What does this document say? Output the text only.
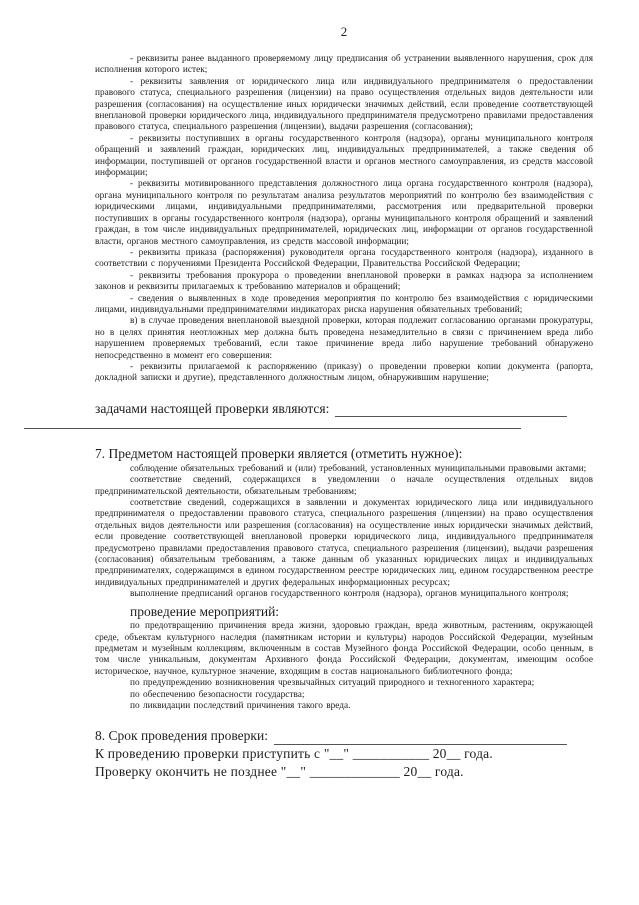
2

- реквизиты ранее выданного проверяемому лицу предписания об устранении выявленного нарушения, срок для исполнения которого истек;

- реквизиты заявления от юридического лица или индивидуального предпринимателя о предоставлении правового статуса, специального разрешения (лицензии) на право осуществления отдельных видов деятельности или разрешения (согласования) на осуществление иных юридически значимых действий, если проведение соответствующей внеплановой проверки юридического лица, индивидуального предпринимателя предусмотрено правилами предоставления правового статуса, специального разрешения (лицензии), выдачи разрешения (согласования);

- реквизиты поступивших в органы государственного контроля (надзора), органы муниципального контроля обращений и заявлений граждан, юридических лиц, индивидуальных предпринимателей, а также сведения об информации, поступившей от органов государственной власти и органов местного самоуправления, из средств массовой информации;

- реквизиты мотивированного представления должностного лица органа государственного контроля (надзора), органа муниципального контроля по результатам анализа результатов мероприятий по контролю без взаимодействия с юридическими лицами, индивидуальными предпринимателями, рассмотрения или предварительной проверки поступивших в органы государственного контроля (надзора), органы муниципального контроля обращений и заявлений граждан, в том числе индивидуальных предпринимателей, юридических лиц, информации от органов государственной власти, органов местного самоуправления, из средств массовой информации;

- реквизиты приказа (распоряжения) руководителя органа государственного контроля (надзора), изданного в соответствии с поручениями Президента Российской Федерации, Правительства Российской Федерации;

- реквизиты требования прокурора о проведении внеплановой проверки в рамках надзора за исполнением законов и реквизиты прилагаемых к требованию материалов и обращений;

- сведения о выявленных в ходе проведения мероприятия по контролю без взаимодействия с юридическими лицами, индивидуальными предпринимателями индикаторах риска нарушения обязательных требований;

в) в случае проведения внеплановой выездной проверки, которая подлежит согласованию органами прокуратуры, но в целях принятия неотложных мер должна быть проведена незамедлительно в связи с причинением вреда либо нарушением проверяемых требований, если такое причинение вреда либо нарушение требований обнаружено непосредственно в момент его совершения:

- реквизиты прилагаемой к распоряжению (приказу) о проведении проверки копии документа (рапорта, докладной записки и другие), представленного должностным лицом, обнаружившим нарушение;

задачами настоящей проверки являются:
7. Предметом настоящей проверки является (отметить нужное):

соблюдение обязательных требований и (или) требований, установленных муниципальными правовыми актами;

соответствие сведений, содержащихся в уведомлении о начале осуществления отдельных видов предпринимательской деятельности, обязательным требованиям;

соответствие сведений, содержащихся в заявлении и документах юридического лица или индивидуального предпринимателя о предоставлении правового статуса, специального разрешения (лицензии) на право осуществления отдельных видов деятельности или разрешения (согласования) на осуществление иных юридически значимых действий, если проведение соответствующей внеплановой проверки юридического лица, индивидуального предпринимателя предусмотрено правилами предоставления правового статуса, специального разрешения (лицензии), выдачи разрешения (согласования) обязательным требованиям, а также данным об указанных юридических лицах и индивидуальных предпринимателях, содержащимся в едином государственном реестре юридических лиц, едином государственном реестре индивидуальных предпринимателей и других федеральных информационных ресурсах;

выполнение предписаний органов государственного контроля (надзора), органов муниципального контроля;

проведение мероприятий:

по предотвращению причинения вреда жизни, здоровью граждан, вреда животным, растениям, окружающей среде, объектам культурного наследия (памятникам истории и культуры) народов Российской Федерации, музейным предметам и музейным коллекциям, включенным в состав Музейного фонда Российской Федерации, особо ценным, в том числе уникальным, документам Архивного фонда Российской Федерации, документам, имеющим особое историческое, научное, культурное значение, входящим в состав национального библиотечного фонда;

по предупреждению возникновения чрезвычайных ситуаций природного и техногенного характера;

по обеспечению безопасности государства;

по ликвидации последствий причинения такого вреда.

8. Срок проведения проверки:
К проведению проверки приступить с "__" ___________ 20__ года.
Проверку окончить не позднее "__" _____________ 20__ года.
